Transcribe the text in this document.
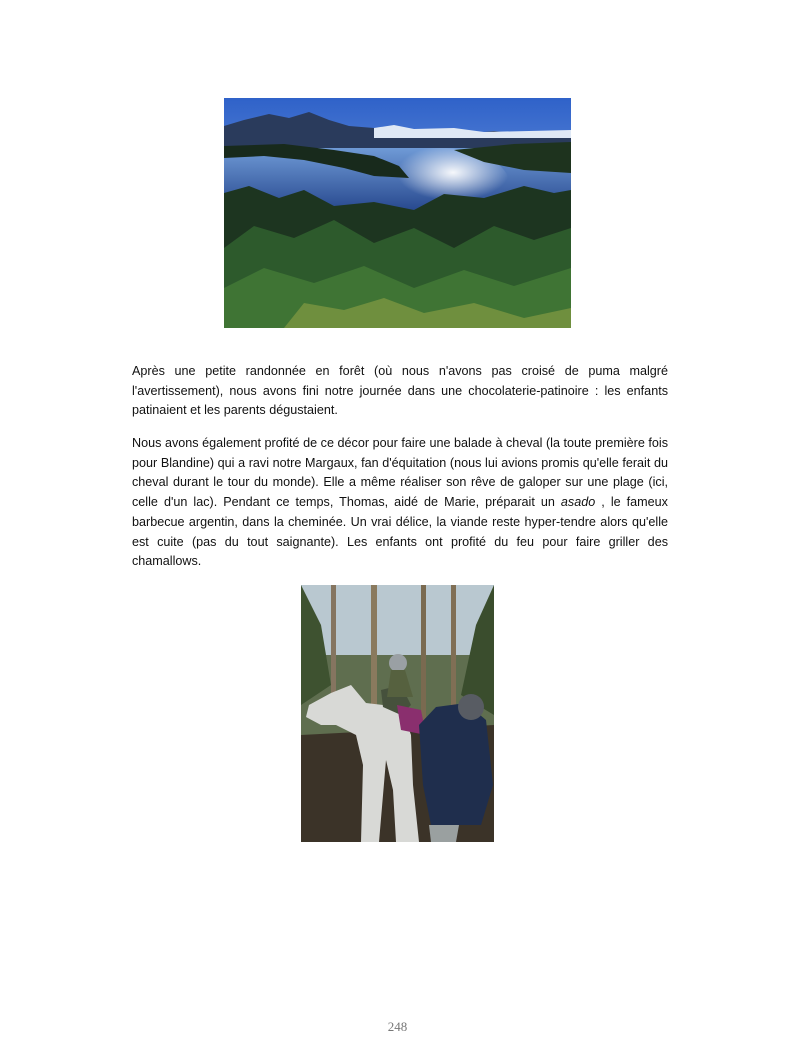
Après une petite randonnée en forêt (où nous n'avons pas croisé de puma malgré l'avertissement), nous avons fini notre journée dans une chocolaterie-patinoire : les enfants patinaient et les parents dégustaient.

Nous avons également profité de ce décor pour faire une balade à cheval (la toute première fois pour Blandine) qui a ravi notre Margaux, fan d'équitation (nous lui avions promis qu'elle ferait du cheval durant le tour du monde). Elle a même réaliser son rêve de galoper sur une plage (ici, celle d'un lac). Pendant ce temps, Thomas, aidé de Marie, préparait un asado , le fameux barbecue argentin, dans la cheminée. Un vrai délice, la viande reste hyper-tendre alors qu'elle est cuite (pas du tout saignante). Les enfants ont profité du feu pour faire griller des chamallows.

248
